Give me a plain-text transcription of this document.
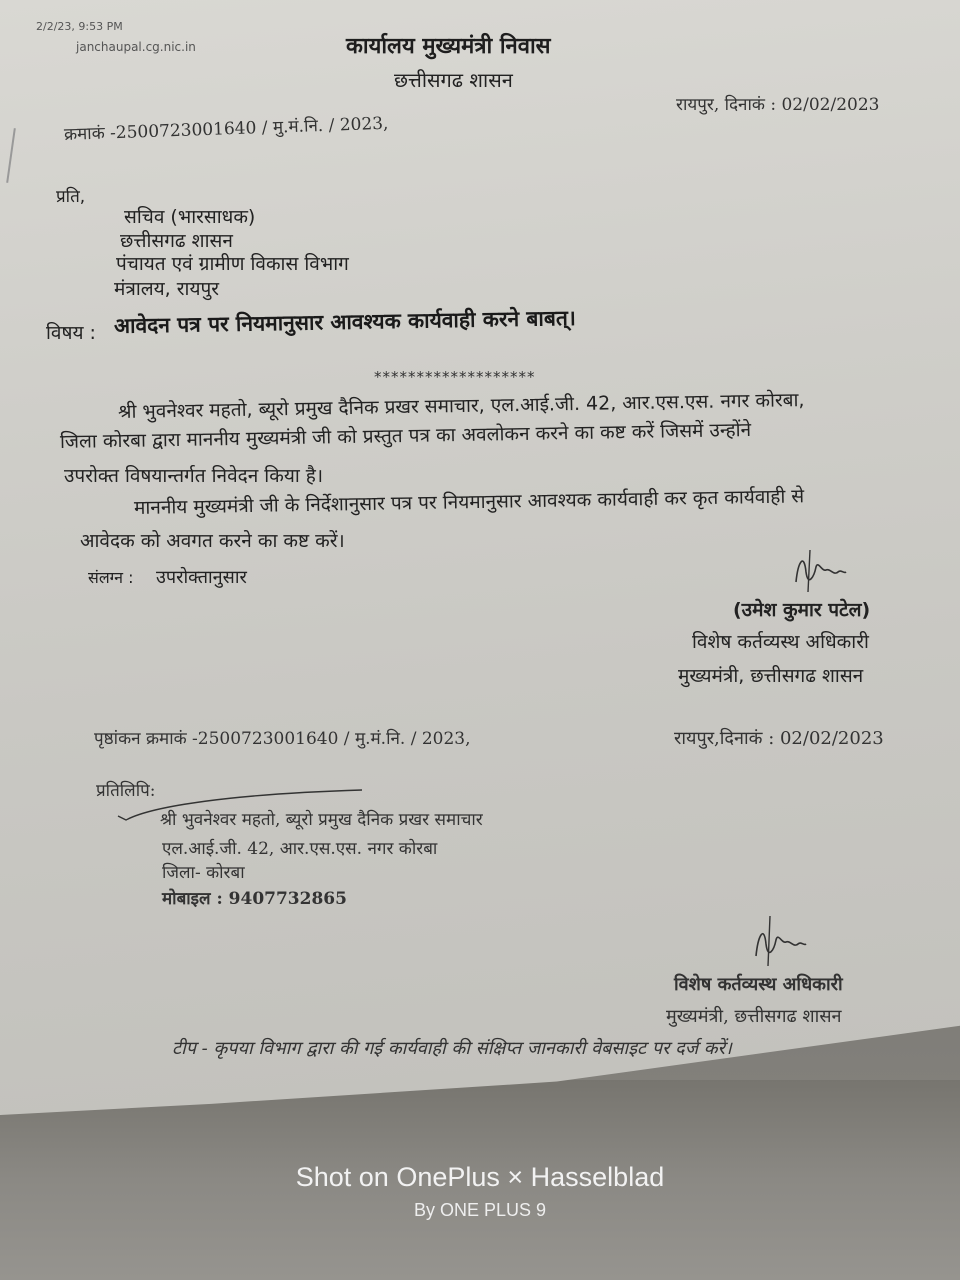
2/2/23, 9:53 PM
janchaupal.cg.nic.in	कार्यालय मुख्यमंत्री निवास
छत्तीसगढ शासन
क्रमाकं -2500723001640 / मु.मं.नि. / 2023,
रायपुर, दिनाकं : 02/02/2023
प्रति,
सचिव (भारसाधक)
छत्तीसगढ शासन
पंचायत एवं ग्रामीण विकास विभाग
मंत्रालय, रायपुर
विषय : आवेदन पत्र पर नियमानुसार आवश्यक कार्यवाही करने बाबत्।
*******************
श्री भुवनेश्वर महतो, ब्यूरो प्रमुख दैनिक प्रखर समाचार, एल.आई.जी. 42, आर.एस.एस. नगर कोरबा,
जिला कोरबा द्वारा माननीय मुख्यमंत्री जी को प्रस्तुत पत्र का अवलोकन करने का कष्ट करें जिसमें उन्होंने
उपरोक्त विषयान्तर्गत निवेदन किया है।
माननीय मुख्यमंत्री जी के निर्देशानुसार पत्र पर नियमानुसार आवश्यक कार्यवाही कर कृत कार्यवाही से
आवेदक को अवगत करने का कष्ट करें।
संलग्न : उपरोक्तानुसार
(उमेश कुमार पटेल)
विशेष कर्तव्यस्थ अधिकारी
मुख्यमंत्री, छत्तीसगढ शासन
पृष्ठांकन क्रमाकं -2500723001640 / मु.मं.नि. / 2023,	रायपुर,दिनाकं : 02/02/2023
प्रतिलिपि:
श्री भुवनेश्वर महतो, ब्यूरो प्रमुख दैनिक प्रखर समाचार
एल.आई.जी. 42, आर.एस.एस. नगर कोरबा
जिला- कोरबा
मोबाइल : 9407732865
विशेष कर्तव्यस्थ अधिकारी
मुख्यमंत्री, छत्तीसगढ शासन
टीप - कृपया विभाग द्वारा की गई कार्यवाही की संक्षिप्त जानकारी वेबसाइट पर दर्ज करें।
Shot on OnePlus × Hasselblad
By ONE PLUS 9
